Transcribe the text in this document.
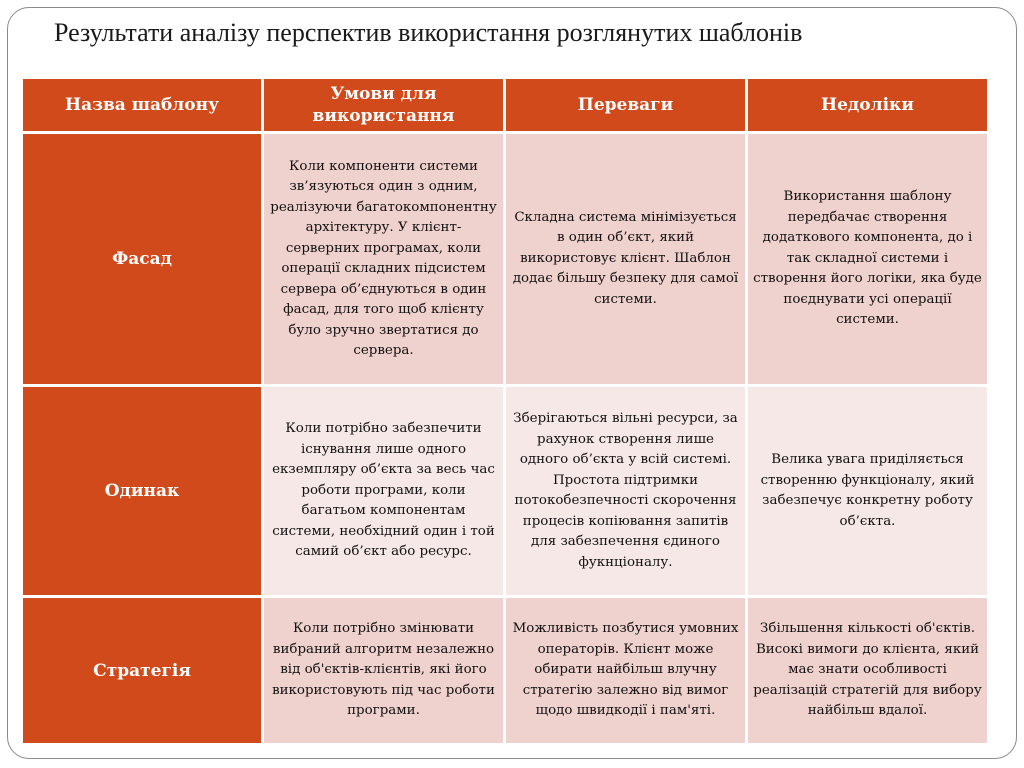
Результати аналізу перспектив використання розглянутих шаблонів
Назва шаблону	Умови для використання	Переваги	Недоліки
Фасад	Коли компоненти системи зв’язуються один з одним, реалізуючи багатокомпонентну архітектуру. У клієнт-серверних програмах, коли операції складних підсистем сервера об’єднуються в один фасад, для того щоб клієнту було зручно звертатися до сервера.	Складна система мінімізується в один об’єкт, який використовує клієнт. Шаблон додає більшу безпеку для самої системи.	Використання шаблону передбачає створення додаткового компонента, до і так складної системи і створення його логіки, яка буде поєднувати усі операції системи.
Одинак	Коли потрібно забезпечити існування лише одного екземпляру об’єкта за весь час роботи програми, коли багатьом компонентам системи, необхідний один і той самий об’єкт або ресурс.	Зберігаються вільні ресурси, за рахунок створення лише одного об’єкта у всій системі. Простота підтримки потокобезпечності скорочення процесів копіювання запитів для забезпечення єдиного фукнціоналу.	Велика увага приділяється створенню функціоналу, який забезпечує конкретну роботу об’єкта.
Стратегія	Коли потрібно змінювати вибраний алгоритм незалежно від об'єктів-клієнтів, які його використовують під час роботи програми.	Можливість позбутися умовних операторів. Клієнт може обирати найбільш влучну стратегію залежно від вимог щодо швидкодії і пам'яті.	Збільшення кількості об'єктів. Високі вимоги до клієнта, який має знати особливості реалізацій стратегій для вибору найбільш вдалої.
